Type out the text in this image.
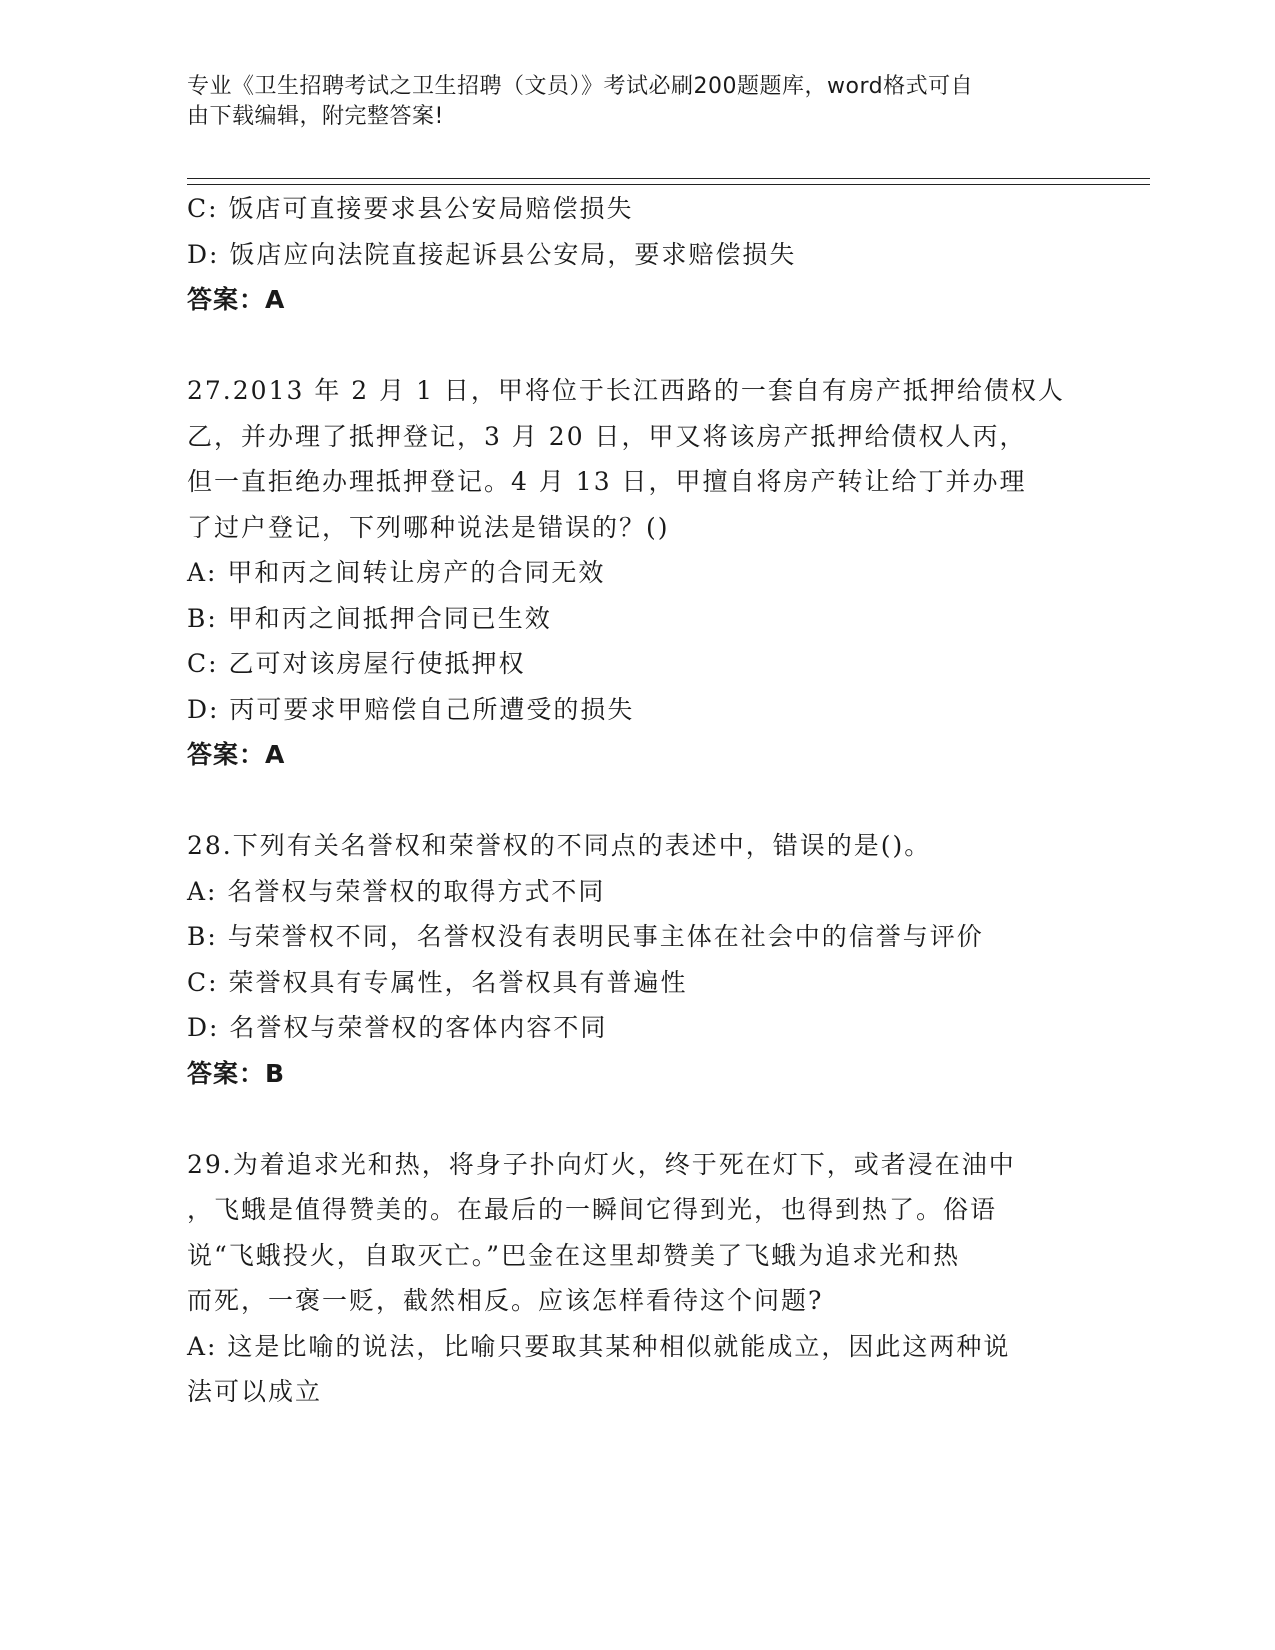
专业《卫生招聘考试之卫生招聘（文员）》考试必刷200题题库，word格式可自
由下载编辑，附完整答案!

C: 饭店可直接要求县公安局赔偿损失

D: 饭店应向法院直接起诉县公安局，要求赔偿损失

答案：A

27.2013 年 2 月 1 日，甲将位于长江西路的一套自有房产抵押给债权人

乙，并办理了抵押登记，3 月 20 日，甲又将该房产抵押给债权人丙，

但一直拒绝办理抵押登记。4 月 13 日，甲擅自将房产转让给丁并办理

了过户登记，下列哪种说法是错误的？()

A: 甲和丙之间转让房产的合同无效

B: 甲和丙之间抵押合同已生效

C: 乙可对该房屋行使抵押权

D: 丙可要求甲赔偿自己所遭受的损失

答案：A

28.下列有关名誉权和荣誉权的不同点的表述中，错误的是()。

A: 名誉权与荣誉权的取得方式不同

B: 与荣誉权不同，名誉权没有表明民事主体在社会中的信誉与评价

C: 荣誉权具有专属性，名誉权具有普遍性

D: 名誉权与荣誉权的客体内容不同

答案：B

29.为着追求光和热，将身子扑向灯火，终于死在灯下，或者浸在油中

，飞蛾是值得赞美的。在最后的一瞬间它得到光，也得到热了。俗语

说“飞蛾投火，自取灭亡。”巴金在这里却赞美了飞蛾为追求光和热

而死，一褒一贬，截然相反。应该怎样看待这个问题?

A: 这是比喻的说法，比喻只要取其某种相似就能成立，因此这两种说

法可以成立
